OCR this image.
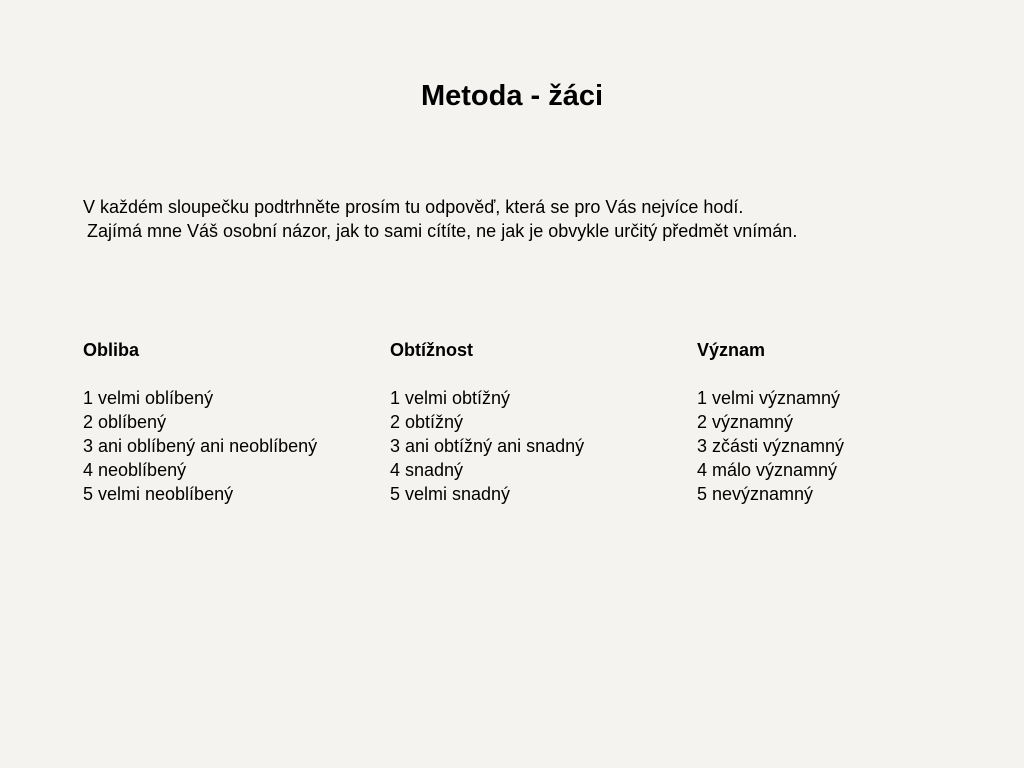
Metoda - žáci
V každém sloupečku podtrhněte prosím tu odpověď, která se pro Vás nejvíce hodí.
Zajímá mne Váš osobní názor, jak to sami cítíte, ne jak je obvykle určitý předmět vnímán.
Obliba
1 velmi oblíbený
2 oblíbený
3 ani oblíbený ani neoblíbený
4 neoblíbený
5 velmi neoblíbený
Obtížnost
1 velmi obtížný
2 obtížný
3 ani obtížný ani snadný
4 snadný
5 velmi snadný
Význam
1 velmi významný
2 významný
3 zčásti významný
4 málo významný
5 nevýznamný
